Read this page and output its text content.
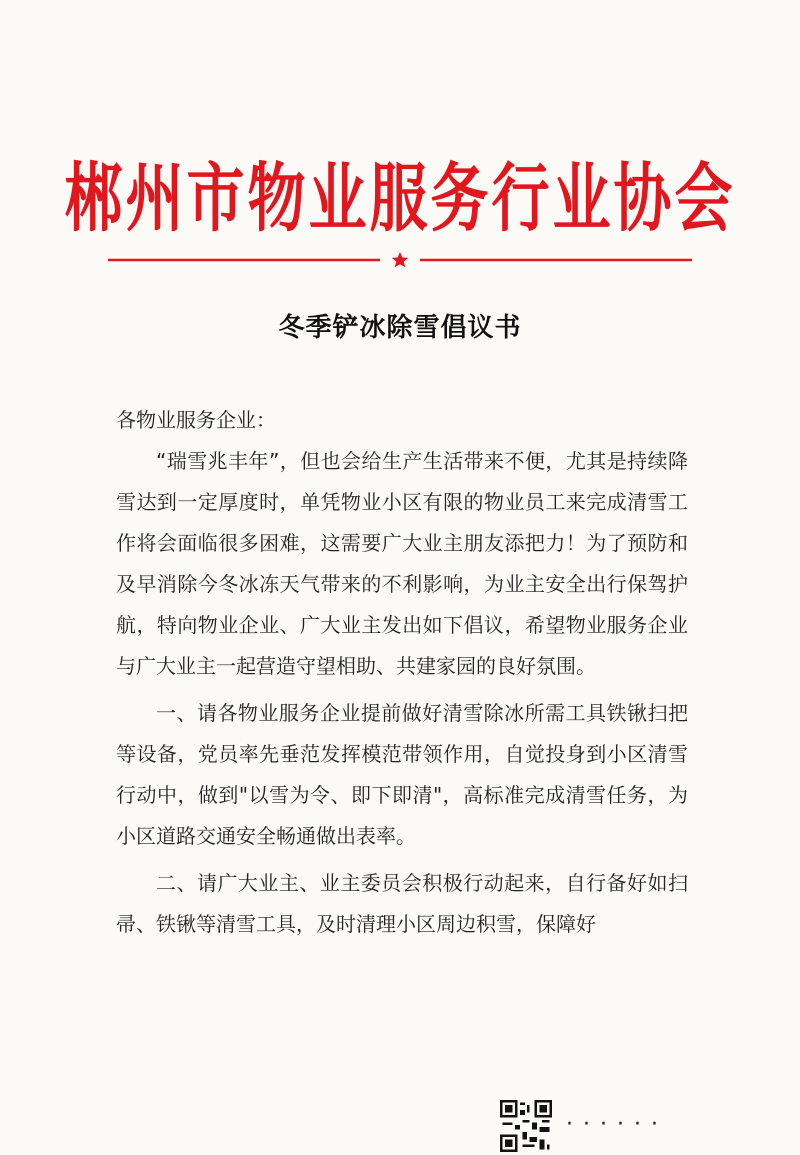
郴州市物业服务行业协会
冬季铲冰除雪倡议书

各物业服务企业：

“瑞雪兆丰年”，但也会给生产生活带来不便，尤其是持续降雪达到一定厚度时，单凭物业小区有限的物业员工来完成清雪工作将会面临很多困难，这需要广大业主朋友添把力！为了预防和及早消除今冬冰冻天气带来的不利影响，为业主安全出行保驾护航，特向物业企业、广大业主发出如下倡议，希望物业服务企业与广大业主一起营造守望相助、共建家园的良好氛围。

一、请各物业服务企业提前做好清雪除冰所需工具铁锹扫把等设备，党员率先垂范发挥模范带领作用，自觉投身到小区清雪行动中，做到"以雪为令、即下即清"，高标准完成清雪任务，为小区道路交通安全畅通做出表率。

二、请广大业主、业主委员会积极行动起来，自行备好如扫帚、铁锹等清雪工具，及时清理小区周边积雪，保障好

······
